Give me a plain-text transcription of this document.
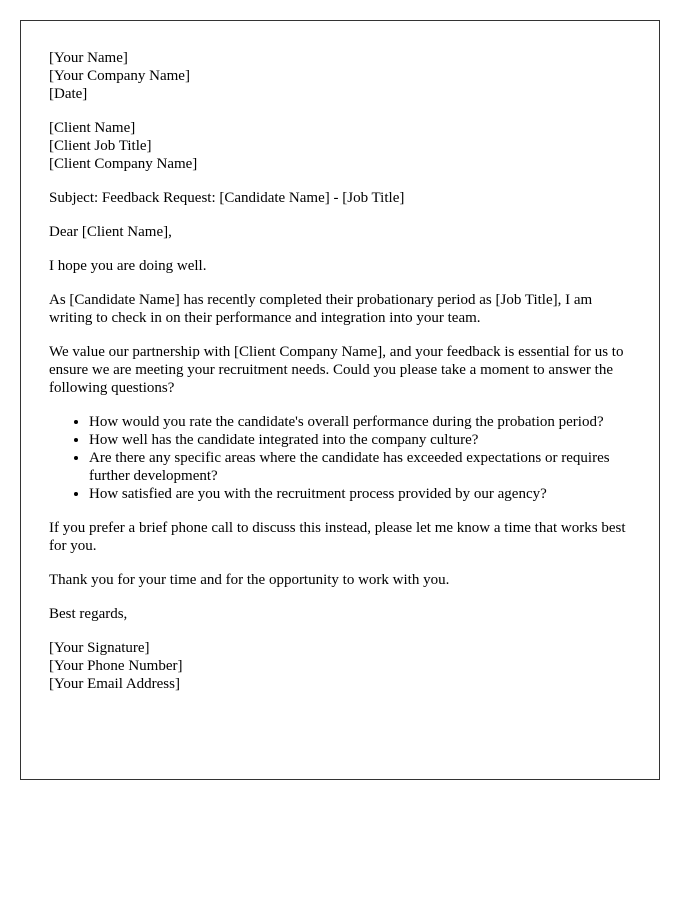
[Your Name]
[Your Company Name]
[Date]
[Client Name]
[Client Job Title]
[Client Company Name]

Subject: Feedback Request: [Candidate Name] - [Job Title]

Dear [Client Name],

I hope you are doing well.

As [Candidate Name] has recently completed their probationary period as [Job Title], I am writing to check in on their performance and integration into your team.

We value our partnership with [Client Company Name], and your feedback is essential for us to ensure we are meeting your recruitment needs. Could you please take a moment to answer the following questions?

• How would you rate the candidate's overall performance during the probation period?
• How well has the candidate integrated into the company culture?
• Are there any specific areas where the candidate has exceeded expectations or requires further development?
• How satisfied are you with the recruitment process provided by our agency?

If you prefer a brief phone call to discuss this instead, please let me know a time that works best for you.

Thank you for your time and for the opportunity to work with you.

Best regards,

[Your Signature]
[Your Phone Number]
[Your Email Address]
